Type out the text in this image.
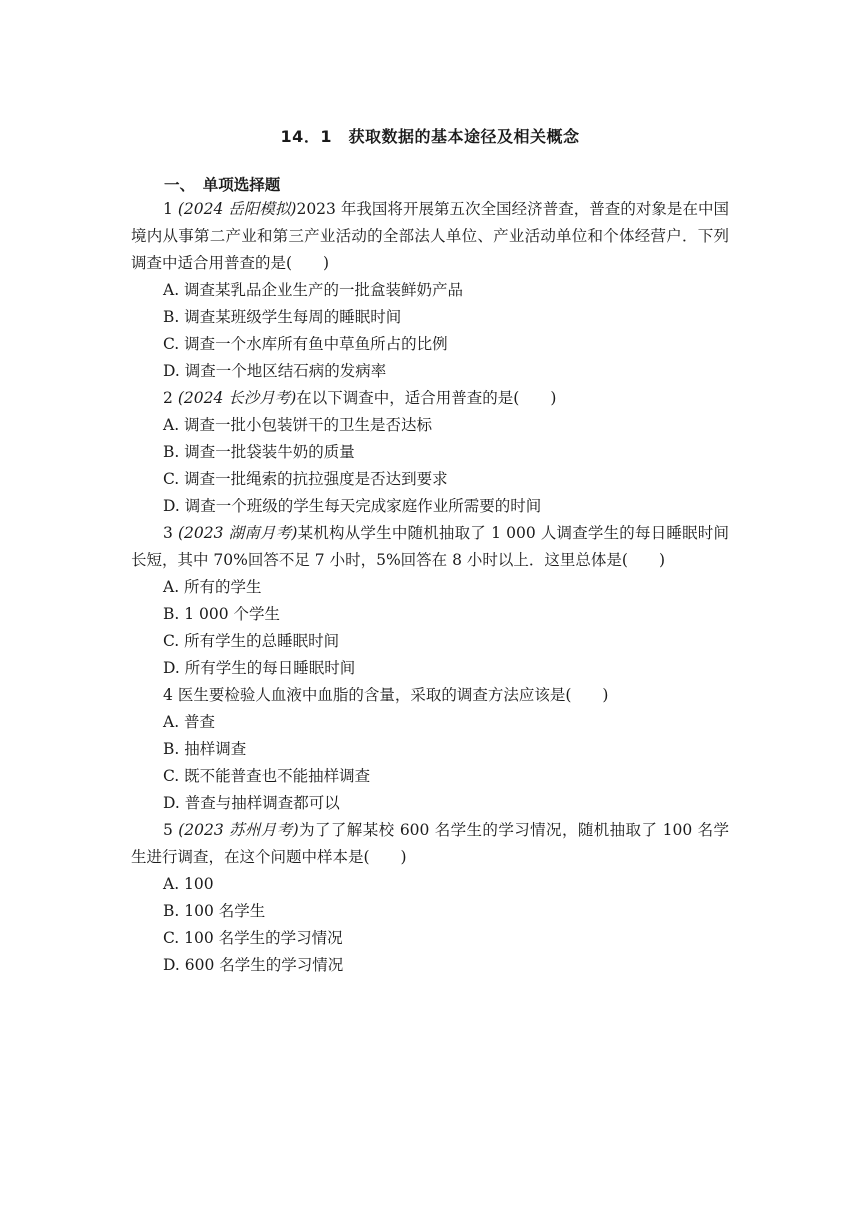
14．1　获取数据的基本途径及相关概念
一、　单项选择题
1 (2024 岳阳模拟)2023 年我国将开展第五次全国经济普查，普查的对象是在中国境内从事第二产业和第三产业活动的全部法人单位、产业活动单位和个体经营户．下列调查中适合用普查的是(　　)
A. 调查某乳品企业生产的一批盒装鲜奶产品
B. 调查某班级学生每周的睡眠时间
C. 调查一个水库所有鱼中草鱼所占的比例
D. 调查一个地区结石病的发病率
2 (2024 长沙月考)在以下调查中，适合用普查的是(　　)
A. 调查一批小包装饼干的卫生是否达标
B. 调查一批袋装牛奶的质量
C. 调查一批绳索的抗拉强度是否达到要求
D. 调查一个班级的学生每天完成家庭作业所需要的时间
3 (2023 湖南月考)某机构从学生中随机抽取了 1 000 人调查学生的每日睡眠时间长短，其中 70%回答不足 7 小时，5%回答在 8 小时以上．这里总体是(　　)
A. 所有的学生
B. 1 000 个学生
C. 所有学生的总睡眠时间
D. 所有学生的每日睡眠时间
4 医生要检验人血液中血脂的含量，采取的调查方法应该是(　　)
A. 普查
B. 抽样调查
C. 既不能普查也不能抽样调查
D. 普查与抽样调查都可以
5 (2023 苏州月考)为了了解某校 600 名学生的学习情况，随机抽取了 100 名学生进行调查，在这个问题中样本是(　　)
A. 100
B. 100 名学生
C. 100 名学生的学习情况
D. 600 名学生的学习情况
